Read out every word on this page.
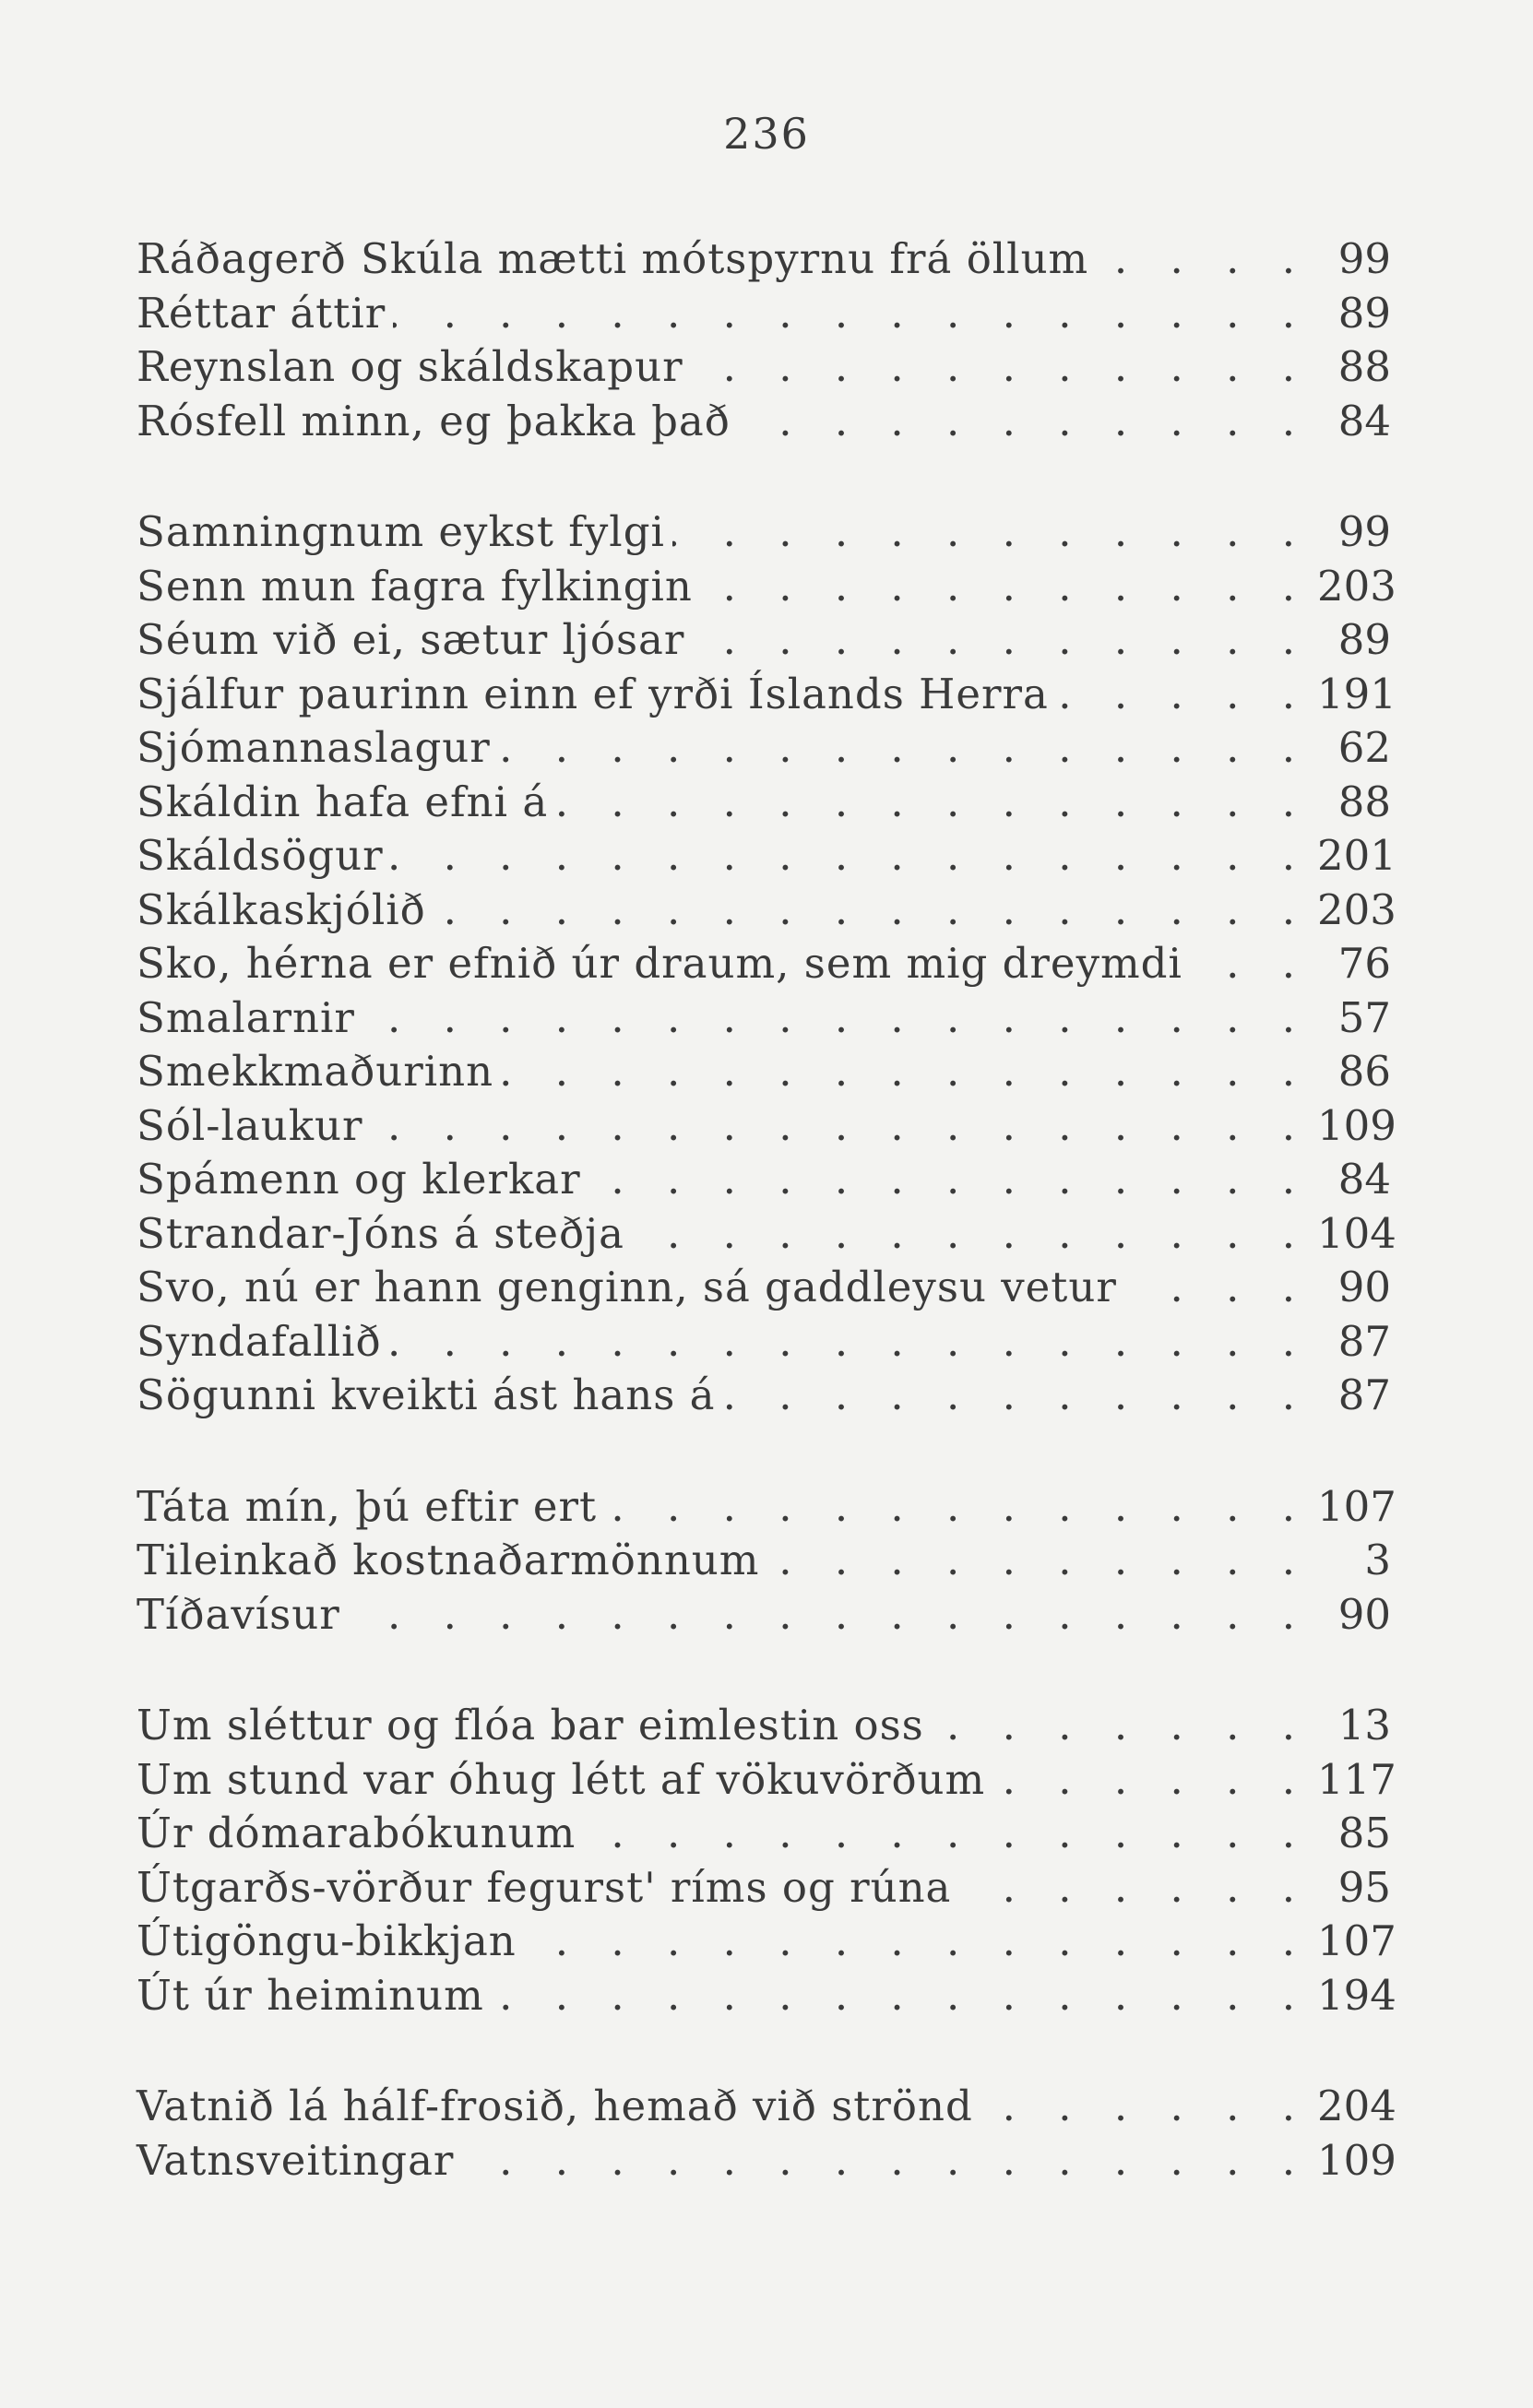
236
Ráðagerð Skúla mætti mótspyrnu frá öllum . . .	99
Réttar áttir . . .	89
Reynslan og skáldskapur . . .	88
Rósfell minn, eg þakka það . . .	84
Samningnum eykst fylgi . . .	99
Senn mun fagra fylkingin . . .	203
Séum við ei, sætur ljósar . . .	89
Sjálfur paurinn einn ef yrði Íslands Herra . . .	191
Sjómannaslagur . . .	62
Skáldin hafa efni á . . .	88
Skáldsögur . . .	201
Skálkaskjólið . . .	203
Sko, hérna er efnið úr draum, sem mig dreymdi . . .	76
Smalarnir . . .	57
Smekkmaðurinn . . .	86
Sól-laukur . . .	109
Spámenn og klerkar . . .	84
Strandar-Jóns á steðja . . .	104
Svo, nú er hann genginn, sá gaddleysu vetur . . .	90
Syndafallið . . .	87
Sögunni kveikti ást hans á . . .	87
Táta mín, þú eftir ert . . .	107
Tileinkað kostnaðarmönnum . . .	3
Tíðavísur . . .	90
Um sléttur og flóa bar eimlestin oss . . .	13
Um stund var óhug létt af vökuvörðum . . .	117
Úr dómarabókunum . . .	85
Útgarðs-vörður fegurst' ríms og rúna . . .	95
Útigöngu-bikkjan . . .	107
Út úr heiminum . . .	194
Vatnið lá hálf-frosið, hemað við strönd . . .	204
Vatnsveitingar . . .	109
